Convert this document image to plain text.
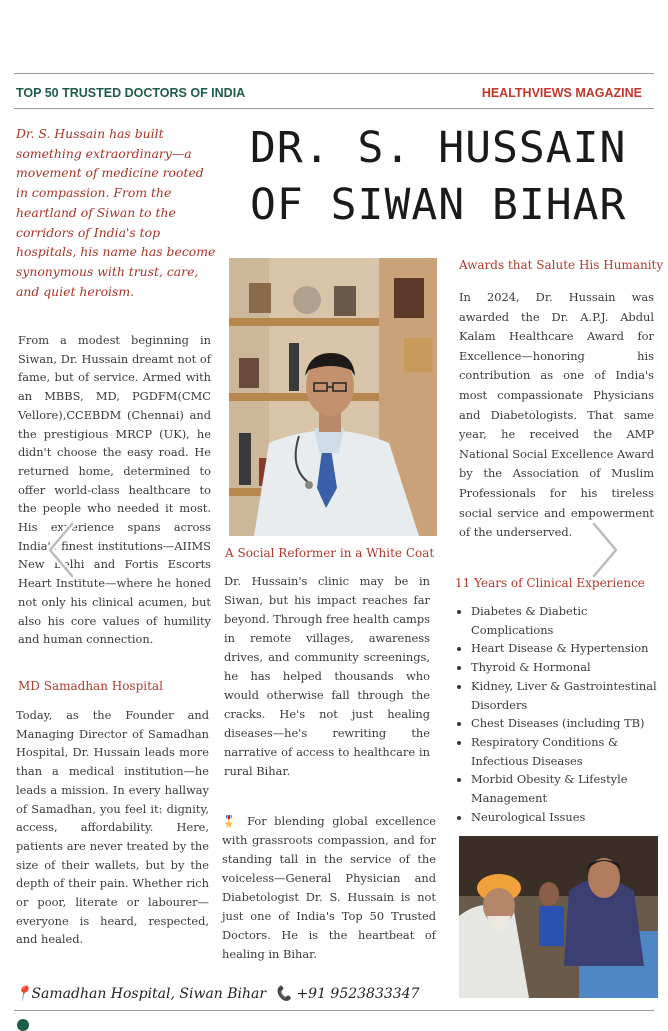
TOP 50 TRUSTED DOCTORS OF INDIA	HEALTHVIEWS MAGAZINE
Dr. S. Hussain has built something extraordinary—a movement of medicine rooted in compassion. From the heartland of Siwan to the corridors of India's top hospitals, his name has become synonymous with trust, care, and quiet heroism.
DR. S. HUSSAIN
OF SIWAN BIHAR
From a modest beginning in Siwan, Dr. Hussain dreamt not of fame, but of service. Armed with an MBBS, MD, PGDFM(CMC Vellore),CCEBDM (Chennai) and the prestigious MRCP (UK), he didn't choose the easy road. He returned home, determined to offer world-class healthcare to the people who needed it most. His experience spans across India's finest institutions—AIIMS New Delhi and Fortis Escorts Heart Institute—where he honed not only his clinical acumen, but also his core values of humility and human connection.
MD Samadhan Hospital
Today, as the Founder and Managing Director of Samadhan Hospital, Dr. Hussain leads more than a medical institution—he leads a mission. In every hallway of Samadhan, you feel it: dignity, access, affordability. Here, patients are never treated by the size of their wallets, but by the depth of their pain. Whether rich or poor, literate or labourer—everyone is heard, respected, and healed.
A Social Reformer in a White Coat
Dr. Hussain's clinic may be in Siwan, but his impact reaches far beyond. Through free health camps in remote villages, awareness drives, and community screenings, he has helped thousands who would otherwise fall through the cracks. He's not just healing diseases—he's rewriting the narrative of access to healthcare in rural Bihar.
🎖️ For blending global excellence with grassroots compassion, and for standing tall in the service of the voiceless—General Physician and Diabetologist Dr. S. Hussain is not just one of India's Top 50 Trusted Doctors. He is the heartbeat of healing in Bihar.
Awards that Salute His Humanity
In 2024, Dr. Hussain was awarded the Dr. A.P.J. Abdul Kalam Healthcare Award for Excellence—honoring his contribution as one of India's most compassionate Physicians and Diabetologists. That same year, he received the AMP National Social Excellence Award by the Association of Muslim Professionals for his tireless social service and empowerment of the underserved.
11 Years of Clinical Experience
• Diabetes & Diabetic Complications
• Heart Disease & Hypertension
• Thyroid & Hormonal
• Kidney, Liver & Gastrointestinal Disorders
• Chest Diseases (including TB)
• Respiratory Conditions & Infectious Diseases
• Morbid Obesity & Lifestyle Management
• Neurological Issues
📍Samadhan Hospital, Siwan Bihar 📞 +91 9523833347
